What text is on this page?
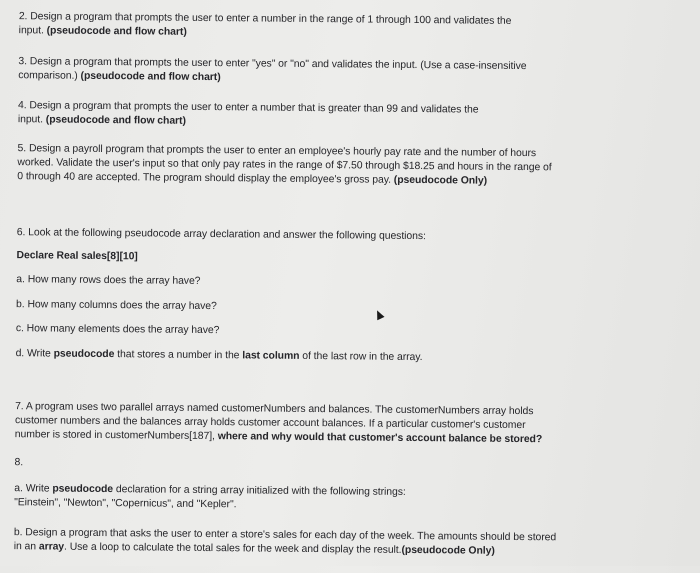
2. Design a program that prompts the user to enter a number in the range of 1 through 100 and validates the
input. (pseudocode and flow chart)
3. Design a program that prompts the user to enter "yes" or "no" and validates the input. (Use a case-insensitive
comparison.) (pseudocode and flow chart)
4. Design a program that prompts the user to enter a number that is greater than 99 and validates the
input. (pseudocode and flow chart)
5. Design a payroll program that prompts the user to enter an employee's hourly pay rate and the number of hours
worked. Validate the user's input so that only pay rates in the range of $7.50 through $18.25 and hours in the range of
0 through 40 are accepted. The program should display the employee's gross pay. (pseudocode Only)
6. Look at the following pseudocode array declaration and answer the following questions:
Declare Real sales[8][10]
a. How many rows does the array have?
b. How many columns does the array have?
c. How many elements does the array have?
d. Write pseudocode that stores a number in the last column of the last row in the array.
7. A program uses two parallel arrays named customerNumbers and balances. The customerNumbers array holds
customer numbers and the balances array holds customer account balances. If a particular customer's customer
number is stored in customerNumbers[187], where and why would that customer's account balance be stored?
8.
a. Write pseudocode declaration for a string array initialized with the following strings:
"Einstein", "Newton", "Copernicus", and "Kepler".
b. Design a program that asks the user to enter a store's sales for each day of the week. The amounts should be stored
in an array. Use a loop to calculate the total sales for the week and display the result.(pseudocode Only)
